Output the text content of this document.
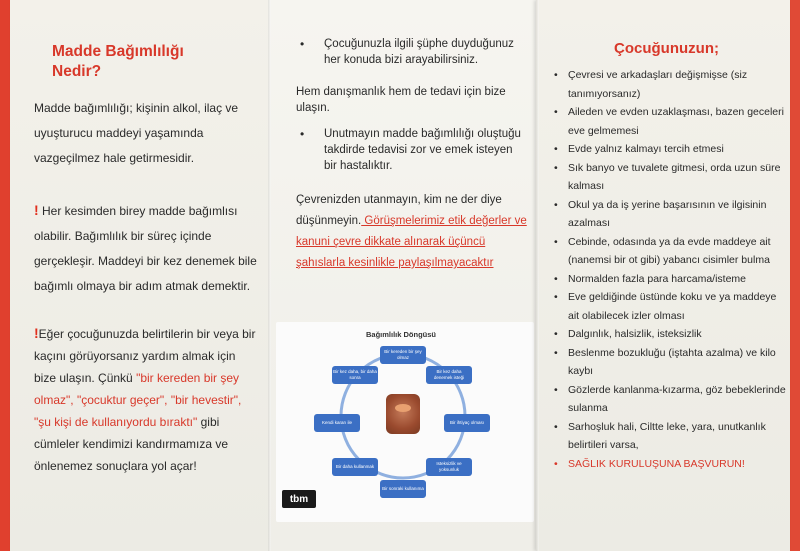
Madde Bağımlılığı Nedir?
Madde bağımlılığı; kişinin alkol, ilaç ve uyuşturucu maddeyi yaşamında vazgeçilmez hale getirmesidir.
! Her kesimden birey madde bağımlısı olabilir. Bağımlılık bir süreç içinde gerçekleşir. Maddeyi bir kez denemek bile bağımlı olmaya bir adım atmak demektir.
!Eğer çocuğunuzda belirtilerin bir veya bir kaçını görüyorsanız yardım almak için bize ulaşın. Çünkü "bir kereden bir şey olmaz", "çocuktur geçer", "bir hevestir", "şu kişi de kullanıyordu bıraktı" gibi cümleler kendimizi kandırmamıza ve önlenemez sonuçlara yol açar!
• Çocuğunuzla ilgili şüphe duyduğunuz her konuda bizi arayabilirsiniz.
Hem danışmanlık hem de tedavi için bize ulaşın.
• Unutmayın madde bağımlılığı oluştuğu takdirde tedavisi zor ve emek isteyen bir hastalıktır.
Çevrenizden utanmayın, kim ne der diye düşünmeyin. Görüşmelerimiz etik değerler ve kanuni çevre dikkate alınarak üçüncü şahıslarla kesinlikle paylaşılmayacaktır
Bağımlılık Döngüsü
Bir kereden bir şey olmaz
Bir kez daha denemek isteği
Bir ihtiyaç olması
Isteksizlik ve yoksunluk
Bir sonraki kullanıma
Bir daha kullanmak
Kendi kararı ile
Bir kez daha, bir daha sonra
tbm
Çocuğunuzun;
• Çevresi ve arkadaşları değişmişse (siz tanımıyorsanız)
• Aileden ve evden uzaklaşması, bazen geceleri eve gelmemesi
• Evde yalnız kalmayı tercih etmesi
• Sık banyo ve tuvalete gitmesi, orda uzun süre kalması
• Okul ya da iş yerine başarısının ve ilgisinin azalması
• Cebinde, odasında ya da evde maddeye ait (nanemsi bir ot gibi) yabancı cisimler bulma
• Normalden fazla para harcama/isteme
• Eve geldiğinde üstünde koku ve ya maddeye ait olabilecek izler olması
• Dalgınlık, halsizlik, isteksizlik
• Beslenme bozukluğu (iştahta azalma) ve kilo kaybı
• Gözlerde kanlanma-kızarma, göz bebeklerinde sulanma
• Sarhoşluk hali, Ciltte leke, yara, unutkanlık belirtileri varsa,
• SAĞLIK KURULUŞUNA BAŞVURUN!
